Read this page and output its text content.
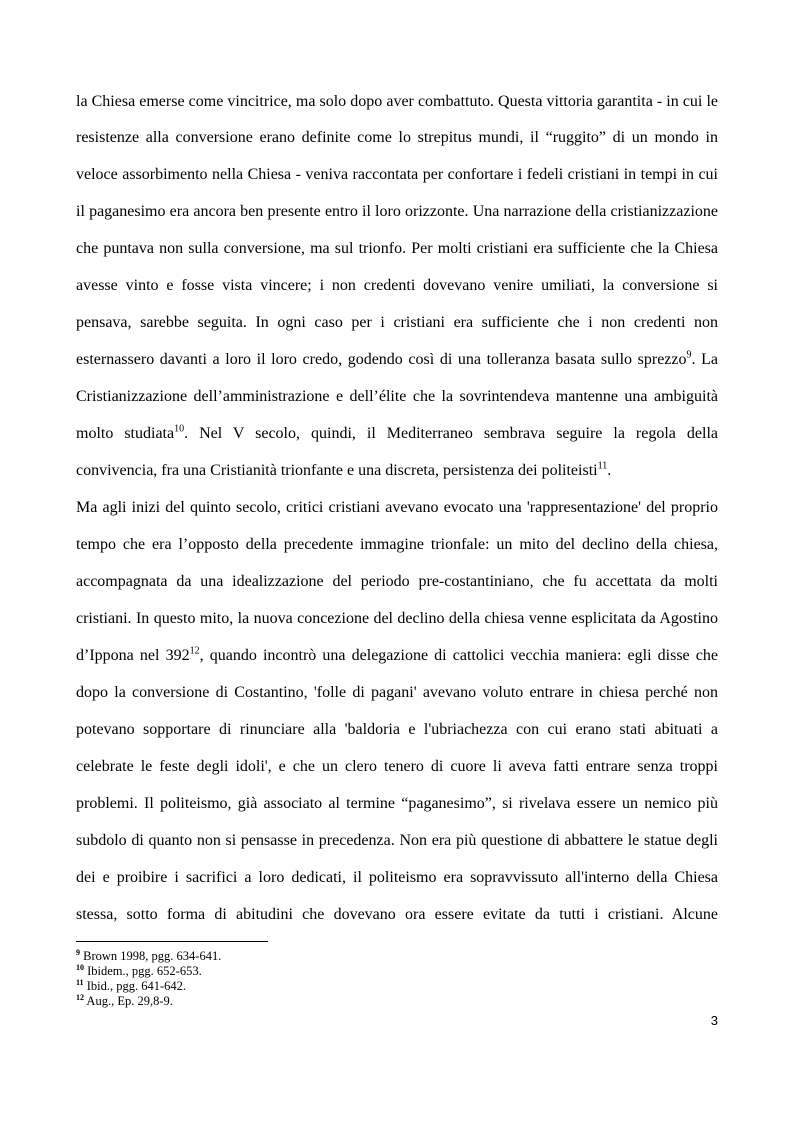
la Chiesa emerse come vincitrice, ma solo dopo aver combattuto. Questa vittoria garantita - in cui le
resistenze alla conversione erano definite come lo strepitus mundi, il “ruggito” di un mondo in
veloce assorbimento nella Chiesa - veniva raccontata per confortare i fedeli cristiani in tempi in cui
il paganesimo era ancora ben presente entro il loro orizzonte. Una narrazione della cristianizzazione
che puntava non sulla conversione, ma sul trionfo. Per molti cristiani era sufficiente che la Chiesa
avesse vinto e fosse vista vincere; i non credenti dovevano venire umiliati, la conversione si
pensava, sarebbe seguita. In ogni caso per i cristiani era sufficiente che i non credenti non
esternassero davanti a loro il loro credo, godendo così di una tolleranza basata sullo sprezzo$^9$. La
Cristianizzazione dell’amministrazione e dell’élite che la sovrintendeva mantenne una ambiguità
molto studiata$^{10}$. Nel V secolo, quindi, il Mediterraneo sembrava seguire la regola della
convivencia, fra una Cristianità trionfante e una discreta, persistenza dei politeisti$^{11}$.
Ma agli inizi del quinto secolo, critici cristiani avevano evocato una 'rappresentazione' del proprio
tempo che era l’opposto della precedente immagine trionfale: un mito del declino della chiesa,
accompagnata da una idealizzazione del periodo pre-costantiniano, che fu accettata da molti
cristiani. In questo mito, la nuova concezione del declino della chiesa venne esplicitata da Agostino
d’Ippona nel $392^{12}$, quando incontrò una delegazione di cattolici vecchia maniera: egli disse che
dopo la conversione di Costantino, 'folle di pagani' avevano voluto entrare in chiesa perché non
potevano sopportare di rinunciare alla 'baldoria e l'ubriachezza con cui erano stati abituati a
celebrate le feste degli idoli', e che un clero tenero di cuore li aveva fatti entrare senza troppi
problemi. Il politeismo, già associato al termine “paganesimo”, si rivelava essere un nemico più
subdolo di quanto non si pensasse in precedenza. Non era più questione di abbattere le statue degli
dei e proibire i sacrifici a loro dedicati, il politeismo era sopravvissuto all'interno della Chiesa
stessa, sotto forma di abitudini che dovevano ora essere evitate da tutti i cristiani. Alcune
$^9$ Brown 1998, pgg. 634-641.
$^{10}$ Ibidem., pgg. 652-653.
$^{11}$ Ibid., pgg. 641-642.
$^{12}$ Aug., Ep. 29,8-9.
3
